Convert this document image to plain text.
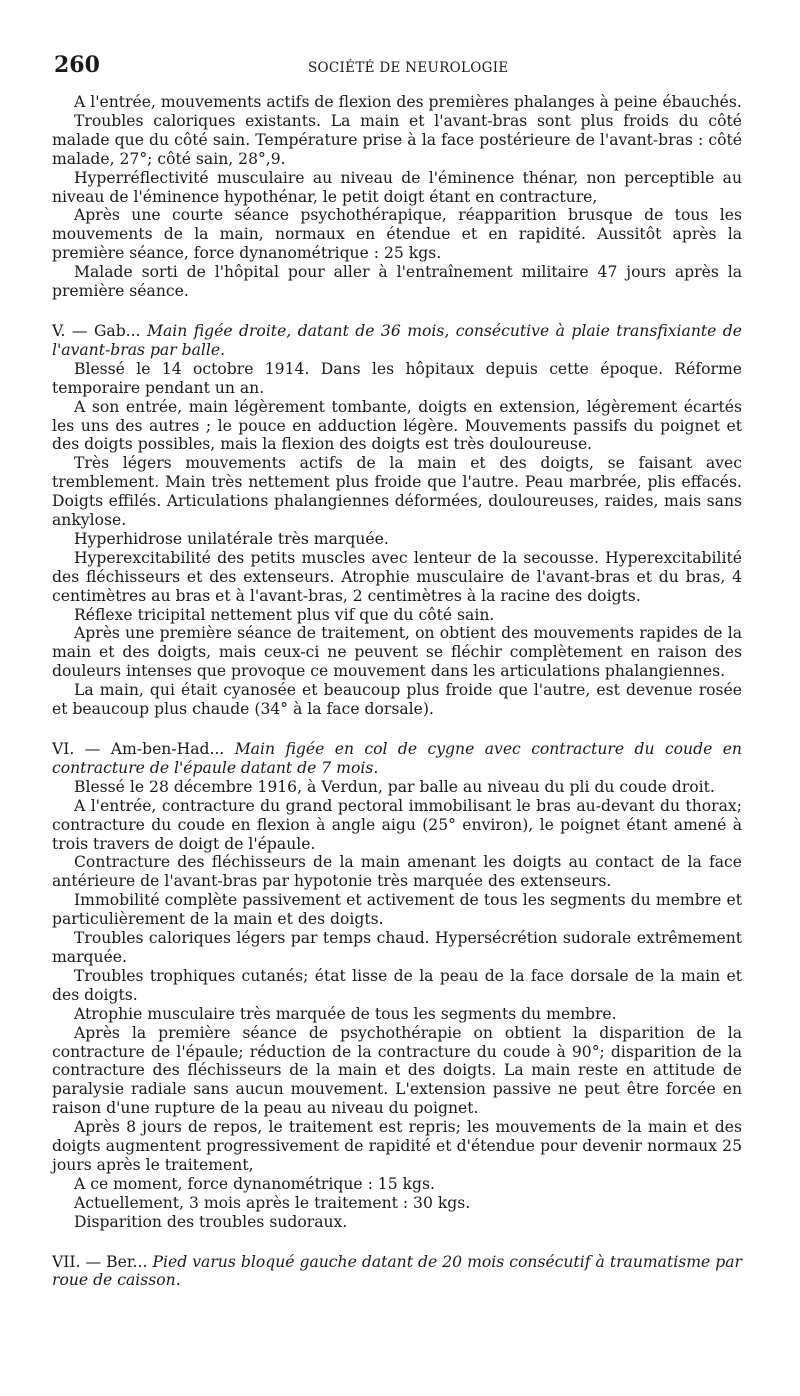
260	SOCIÉTÉ DE NEUROLOGIE

A l'entrée, mouvements actifs de flexion des premières phalanges à peine ébauchés.

Troubles caloriques existants. La main et l'avant-bras sont plus froids du côté malade que du côté sain. Température prise à la face postérieure de l'avant-bras : côté malade, 27°; côté sain, 28°,9.

Hyperréflectivité musculaire au niveau de l'éminence thénar, non perceptible au niveau de l'éminence hypothénar, le petit doigt étant en contracture,

Après une courte séance psychothérapique, réapparition brusque de tous les mouvements de la main, normaux en étendue et en rapidité. Aussitôt après la première séance, force dynanométrique : 25 kgs.

Malade sorti de l'hôpital pour aller à l'entraînement militaire 47 jours après la première séance.

V. — Gab... Main figée droite, datant de 36 mois, consécutive à plaie transfixiante de l'avant-bras par balle.

Blessé le 14 octobre 1914. Dans les hôpitaux depuis cette époque. Réforme temporaire pendant un an.

A son entrée, main légèrement tombante, doigts en extension, légèrement écartés les uns des autres ; le pouce en adduction légère. Mouvements passifs du poignet et des doigts possibles, mais la flexion des doigts est très douloureuse.

Très légers mouvements actifs de la main et des doigts, se faisant avec tremblement. Main très nettement plus froide que l'autre. Peau marbrée, plis effacés. Doigts effilés. Articulations phalangiennes déformées, douloureuses, raides, mais sans ankylose.

Hyperhidrose unilatérale très marquée.

Hyperexcitabilité des petits muscles avec lenteur de la secousse. Hyperexcitabilité des fléchisseurs et des extenseurs. Atrophie musculaire de l'avant-bras et du bras, 4 centimètres au bras et à l'avant-bras, 2 centimètres à la racine des doigts.

Réflexe tricipital nettement plus vif que du côté sain.

Après une première séance de traitement, on obtient des mouvements rapides de la main et des doigts, mais ceux-ci ne peuvent se fléchir complètement en raison des douleurs intenses que provoque ce mouvement dans les articulations phalangiennes.

La main, qui était cyanosée et beaucoup plus froide que l'autre, est devenue rosée et beaucoup plus chaude (34° à la face dorsale).

VI. — Am-ben-Had... Main figée en col de cygne avec contracture du coude en contracture de l'épaule datant de 7 mois.

Blessé le 28 décembre 1916, à Verdun, par balle au niveau du pli du coude droit.

A l'entrée, contracture du grand pectoral immobilisant le bras au-devant du thorax; contracture du coude en flexion à angle aigu (25° environ), le poignet étant amené à trois travers de doigt de l'épaule.

Contracture des fléchisseurs de la main amenant les doigts au contact de la face antérieure de l'avant-bras par hypotonie très marquée des extenseurs.

Immobilité complète passivement et activement de tous les segments du membre et particulièrement de la main et des doigts.

Troubles caloriques légers par temps chaud. Hypersécrétion sudorale extrêmement marquée.

Troubles trophiques cutanés; état lisse de la peau de la face dorsale de la main et des doigts.

Atrophie musculaire très marquée de tous les segments du membre.

Après la première séance de psychothérapie on obtient la disparition de la contracture de l'épaule; réduction de la contracture du coude à 90°; disparition de la contracture des fléchisseurs de la main et des doigts. La main reste en attitude de paralysie radiale sans aucun mouvement. L'extension passive ne peut être forcée en raison d'une rupture de la peau au niveau du poignet.

Après 8 jours de repos, le traitement est repris; les mouvements de la main et des doigts augmentent progressivement de rapidité et d'étendue pour devenir normaux 25 jours après le traitement,

A ce moment, force dynanométrique : 15 kgs.

Actuellement, 3 mois après le traitement : 30 kgs.

Disparition des troubles sudoraux.

VII. — Ber... Pied varus bloqué gauche datant de 20 mois consécutif à traumatisme par roue de caisson.
